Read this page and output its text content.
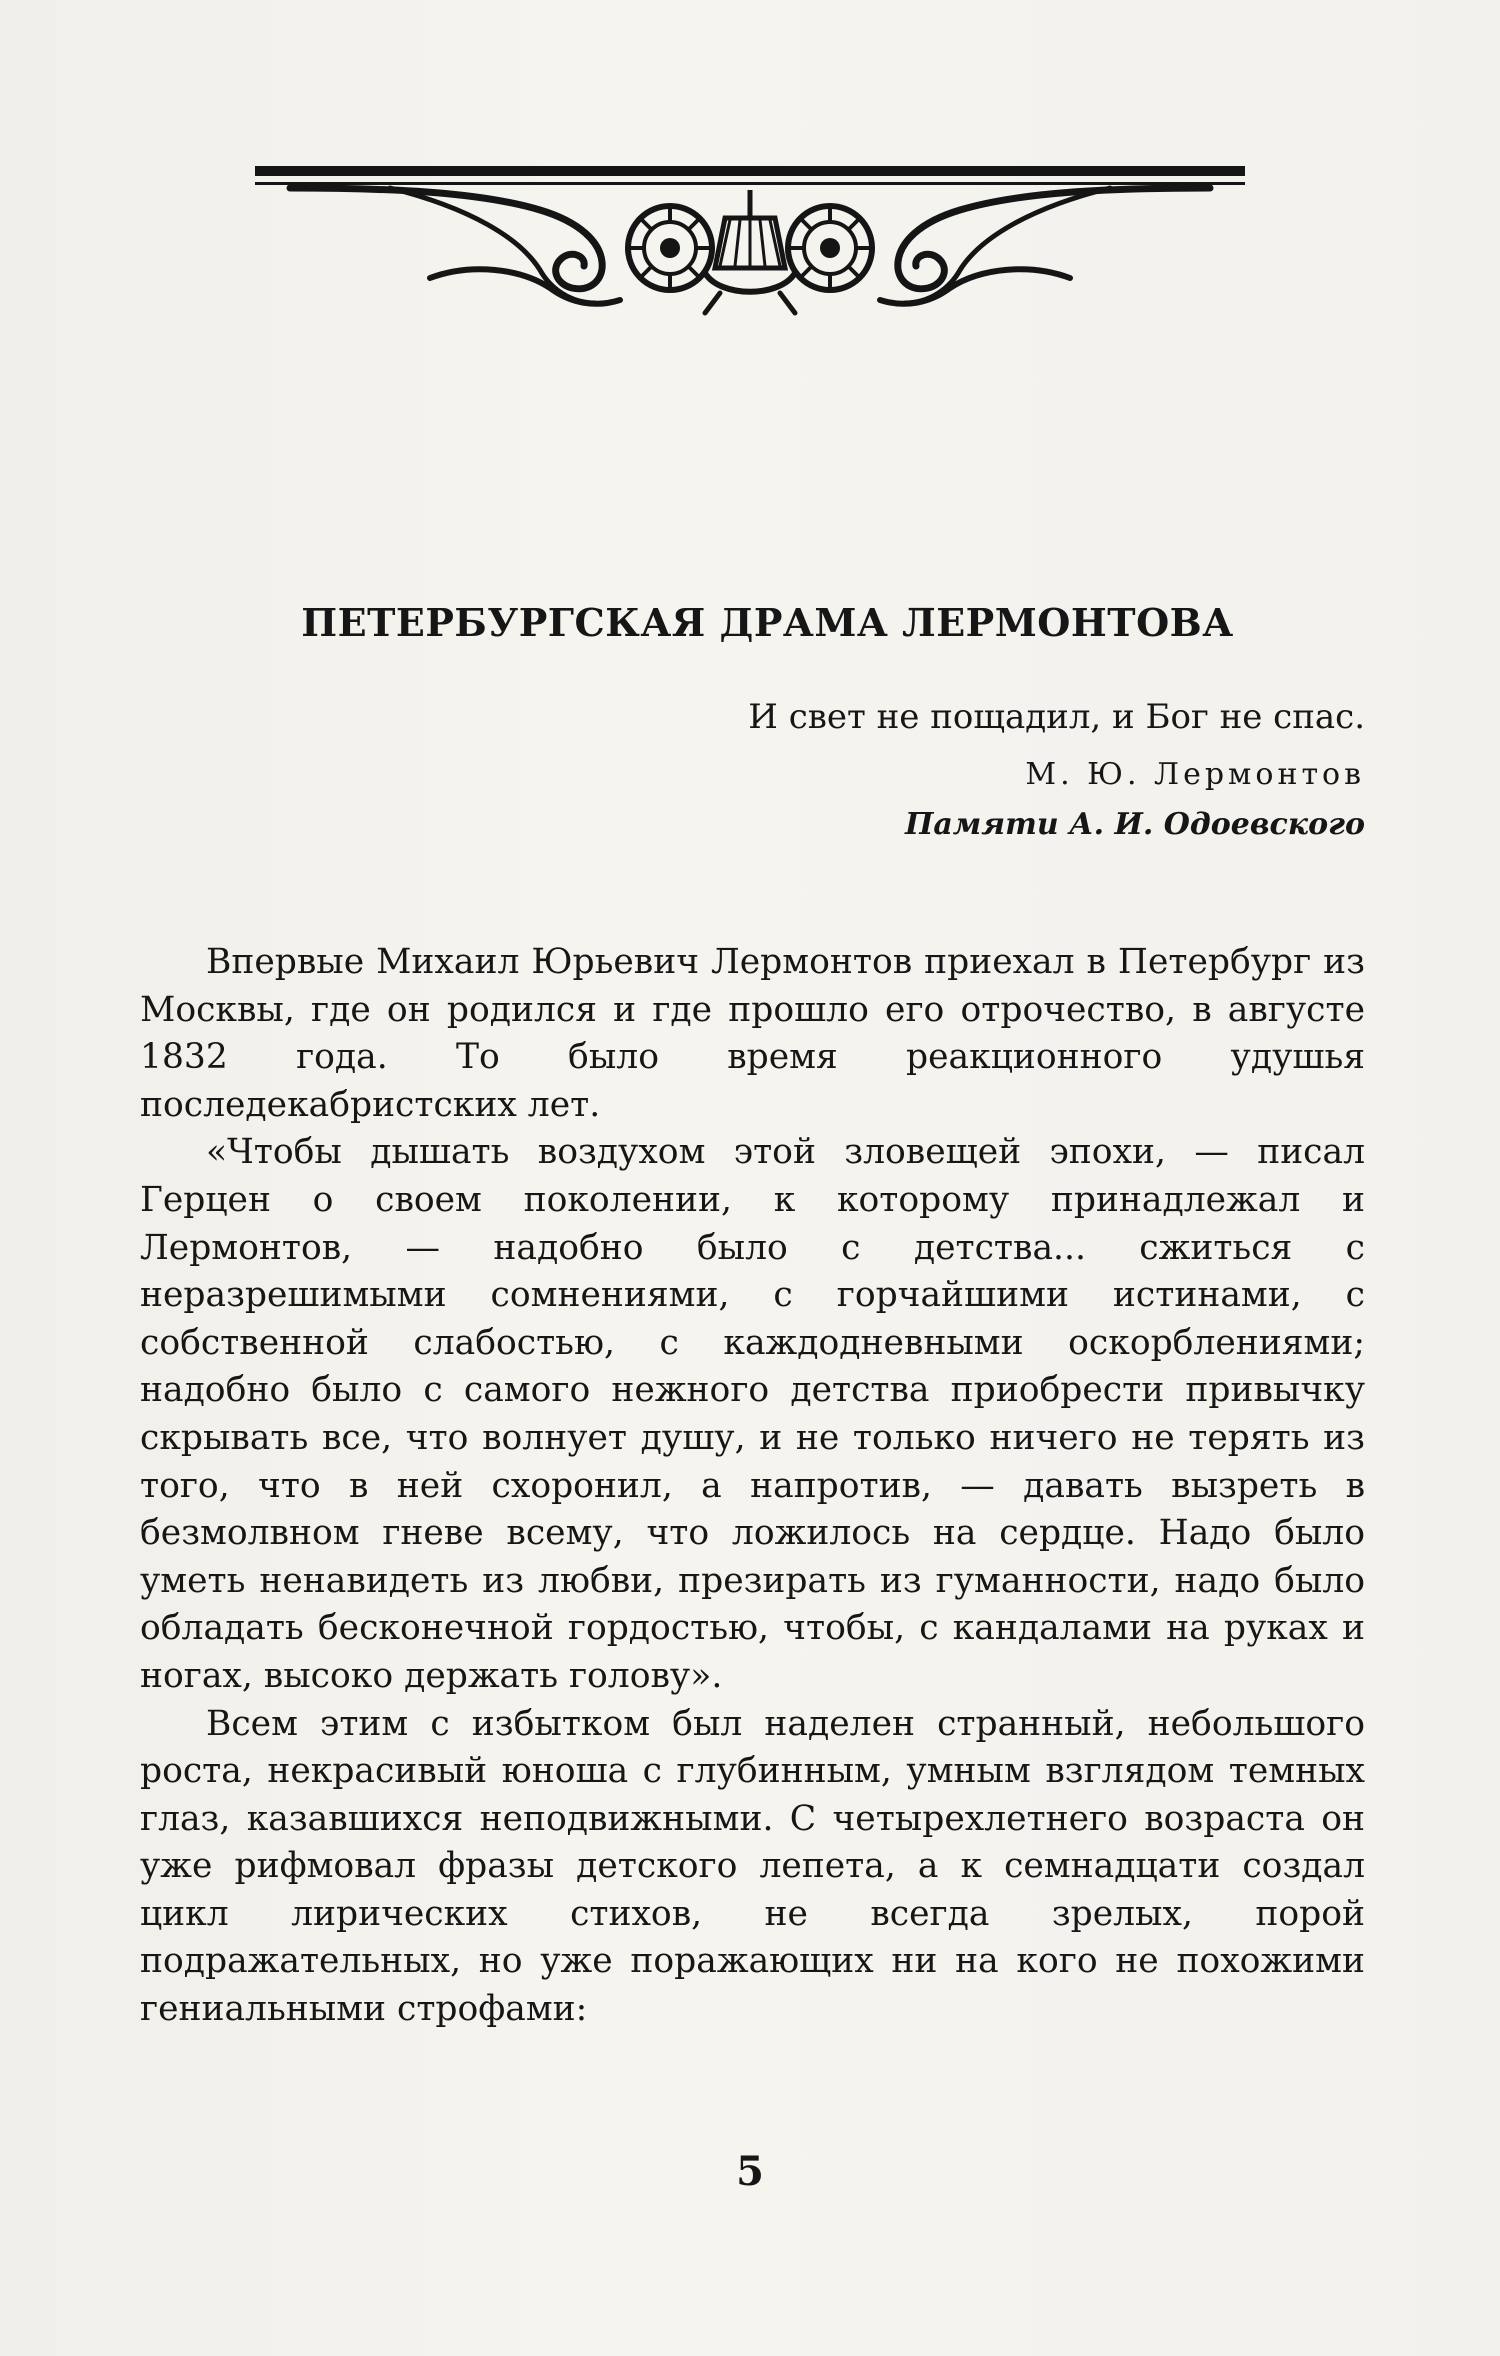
ПЕТЕРБУРГСКАЯ ДРАМА ЛЕРМОНТОВА
И свет не пощадил, и Бог не спас.
М. Ю. Лермонтов
Памяти А. И. Одоевского

Впервые Михаил Юрьевич Лермонтов приехал в Петербург из Москвы, где он родился и где прошло его отрочество, в августе 1832 года. То было время реакционного удушья последекабристских лет.

«Чтобы дышать воздухом этой зловещей эпохи, — писал Герцен о своем поколении, к которому принадлежал и Лермонтов, — надобно было с детства... сжиться с неразрешимыми сомнениями, с горчайшими истинами, с собственной слабостью, с каждодневными оскорблениями; надобно было с самого нежного детства приобрести привычку скрывать все, что волнует душу, и не только ничего не терять из того, что в ней схоронил, а напротив, — давать вызреть в безмолвном гневе всему, что ложилось на сердце. Надо было уметь ненавидеть из любви, презирать из гуманности, надо было обладать бесконечной гордостью, чтобы, с кандалами на руках и ногах, высоко держать голову».

Всем этим с избытком был наделен странный, небольшого роста, некрасивый юноша с глубинным, умным взглядом темных глаз, казавшихся неподвижными. С четырехлетнего возраста он уже рифмовал фразы детского лепета, а к семнадцати создал цикл лирических стихов, не всегда зрелых, порой подражательных, но уже поражающих ни на кого не похожими гениальными строфами:

5
